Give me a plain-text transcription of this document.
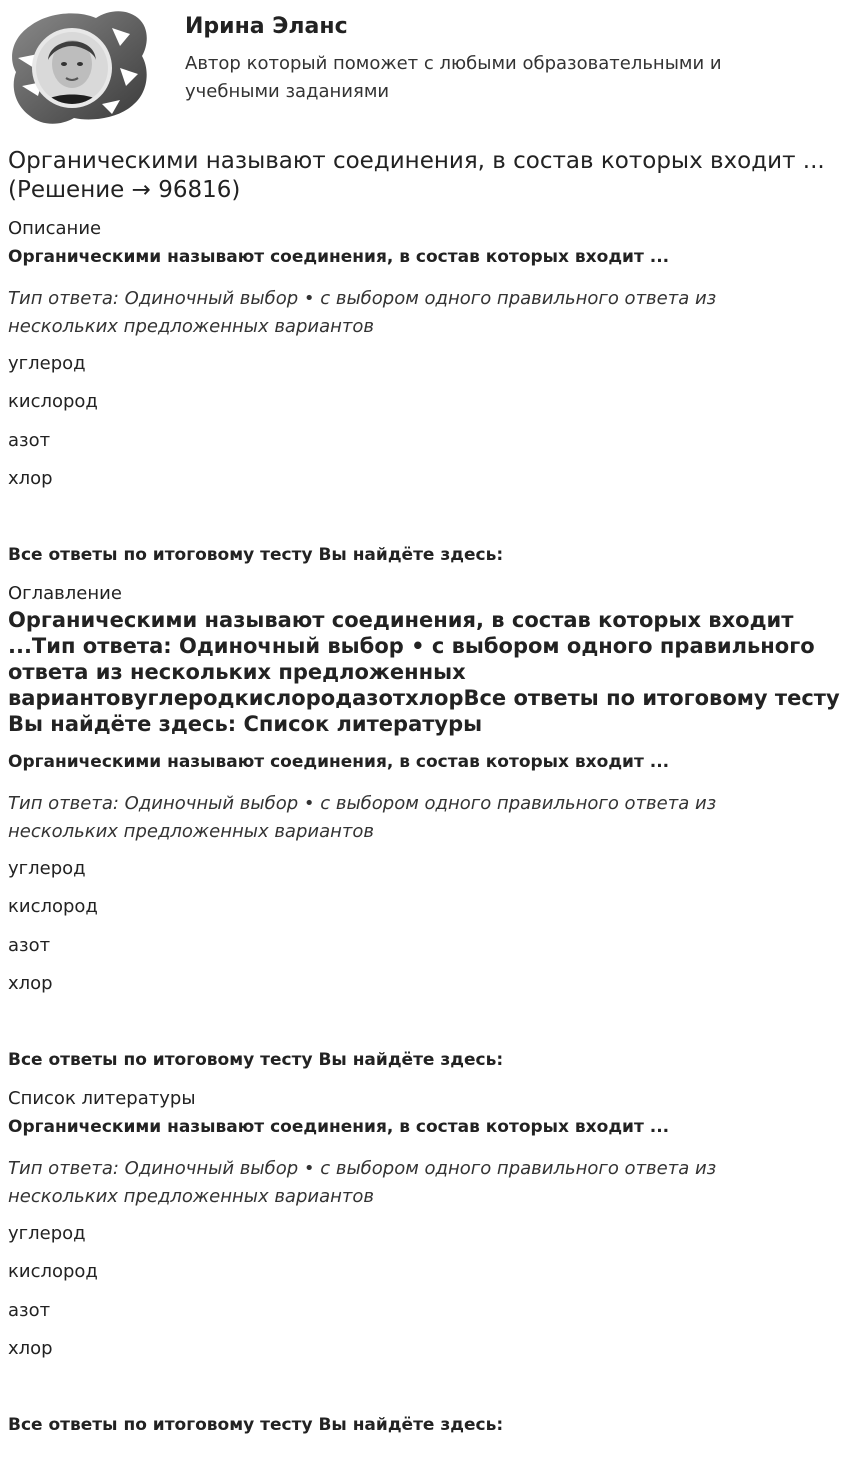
Ирина Эланс
Автор который поможет с любыми образовательными и учебными заданиями
Органическими называют соединения, в состав которых входит ... (Решение → 96816)
Описание
Органическими называют соединения, в состав которых входит ...
Тип ответа: Одиночный выбор • с выбором одного правильного ответа из нескольких предложенных вариантов
углерод
кислород
азот
хлор
Все ответы по итоговому тесту Вы найдёте здесь:
Оглавление
Органическими называют соединения, в состав которых входит ...Тип ответа: Одиночный выбор • с выбором одного правильного ответа из нескольких предложенных вариантовуглеродкислородазотхлорВсе ответы по итоговому тесту Вы найдёте здесь: Список литературы
Органическими называют соединения, в состав которых входит ...
Тип ответа: Одиночный выбор • с выбором одного правильного ответа из нескольких предложенных вариантов
углерод
кислород
азот
хлор
Все ответы по итоговому тесту Вы найдёте здесь:
Список литературы
Органическими называют соединения, в состав которых входит ...
Тип ответа: Одиночный выбор • с выбором одного правильного ответа из нескольких предложенных вариантов
углерод
кислород
азот
хлор
Все ответы по итоговому тесту Вы найдёте здесь:
